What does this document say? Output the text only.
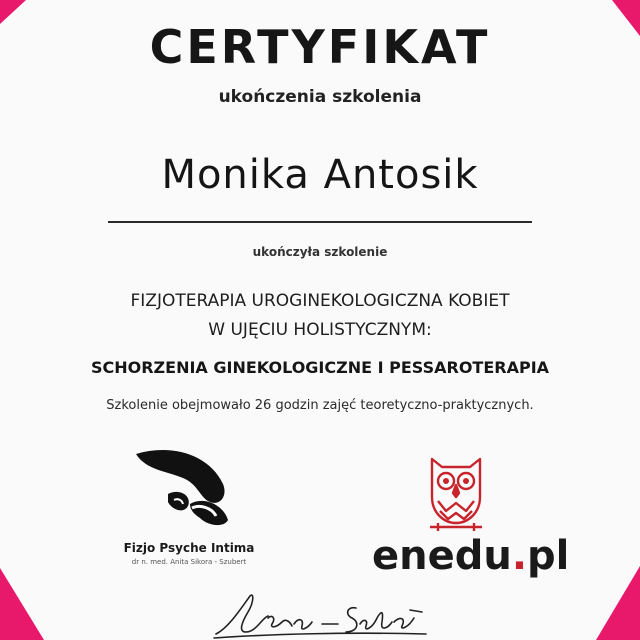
CERTYFIKAT
ukończenia szkolenia
Monika Antosik
ukończyła szkolenie
FIZJOTERAPIA UROGINEKOLOGICZNA KOBIET
W UJĘCIU HOLISTYCZNYM:
SCHORZENIA GINEKOLOGICZNE I PESSAROTERAPIA
Szkolenie obejmowało 26 godzin zajęć teoretyczno-praktycznych.
Fizjo Psyche Intima
dr n. med. Anita Sikora - Szubert	enedu.pl
